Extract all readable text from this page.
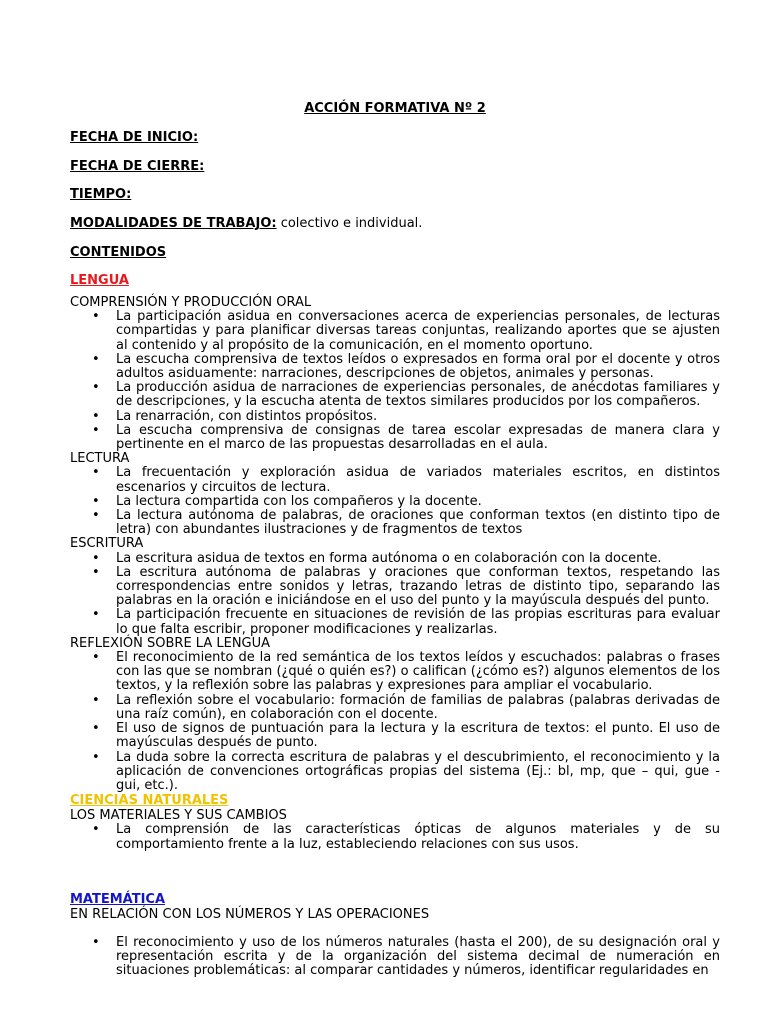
ACCIÓN FORMATIVA Nº 2
FECHA DE INICIO:
FECHA DE CIERRE:
TIEMPO:
MODALIDADES DE TRABAJO: colectivo e individual.
CONTENIDOS
LENGUA
COMPRENSIÓN Y PRODUCCIÓN ORAL
• La participación asidua en conversaciones acerca de experiencias personales, de lecturas compartidas y para planificar diversas tareas conjuntas, realizando aportes que se ajusten al contenido y al propósito de la comunicación, en el momento oportuno.
• La escucha comprensiva de textos leídos o expresados en forma oral por el docente y otros adultos asiduamente: narraciones, descripciones de objetos, animales y personas.
• La producción asidua de narraciones de experiencias personales, de anécdotas familiares y de descripciones, y la escucha atenta de textos similares producidos por los compañeros.
• La renarración, con distintos propósitos.
• La escucha comprensiva de consignas de tarea escolar expresadas de manera clara y pertinente en el marco de las propuestas desarrolladas en el aula.
LECTURA
• La frecuentación y exploración asidua de variados materiales escritos, en distintos escenarios y circuitos de lectura.
• La lectura compartida con los compañeros y la docente.
• La lectura autónoma de palabras, de oraciones que conforman textos (en distinto tipo de letra) con abundantes ilustraciones y de fragmentos de textos
ESCRITURA
• La escritura asidua de textos en forma autónoma o en colaboración con la docente.
• La escritura autónoma de palabras y oraciones que conforman textos, respetando las correspondencias entre sonidos y letras, trazando letras de distinto tipo, separando las palabras en la oración e iniciándose en el uso del punto y la mayúscula después del punto.
• La participación frecuente en situaciones de revisión de las propias escrituras para evaluar lo que falta escribir, proponer modificaciones y realizarlas.
REFLEXIÓN SOBRE LA LENGUA
• El reconocimiento de la red semántica de los textos leídos y escuchados: palabras o frases con las que se nombran (¿qué o quién es?) o califican (¿cómo es?) algunos elementos de los textos, y la reflexión sobre las palabras y expresiones para ampliar el vocabulario.
• La reflexión sobre el vocabulario: formación de familias de palabras (palabras derivadas de una raíz común), en colaboración con el docente.
• El uso de signos de puntuación para la lectura y la escritura de textos: el punto. El uso de mayúsculas después de punto.
• La duda sobre la correcta escritura de palabras y el descubrimiento, el reconocimiento y la aplicación de convenciones ortográficas propias del sistema (Ej.: bl, mp, que – qui, gue - gui, etc.).
CIENCIAS NATURALES
LOS MATERIALES Y SUS CAMBIOS
• La comprensión de las características ópticas de algunos materiales y de su comportamiento frente a la luz, estableciendo relaciones con sus usos.
MATEMÁTICA
EN RELACIÓN CON LOS NÚMEROS Y LAS OPERACIONES
• El reconocimiento y uso de los números naturales (hasta el 200), de su designación oral y representación escrita y de la organización del sistema decimal de numeración en situaciones problemáticas: al comparar cantidades y números, identificar regularidades en
